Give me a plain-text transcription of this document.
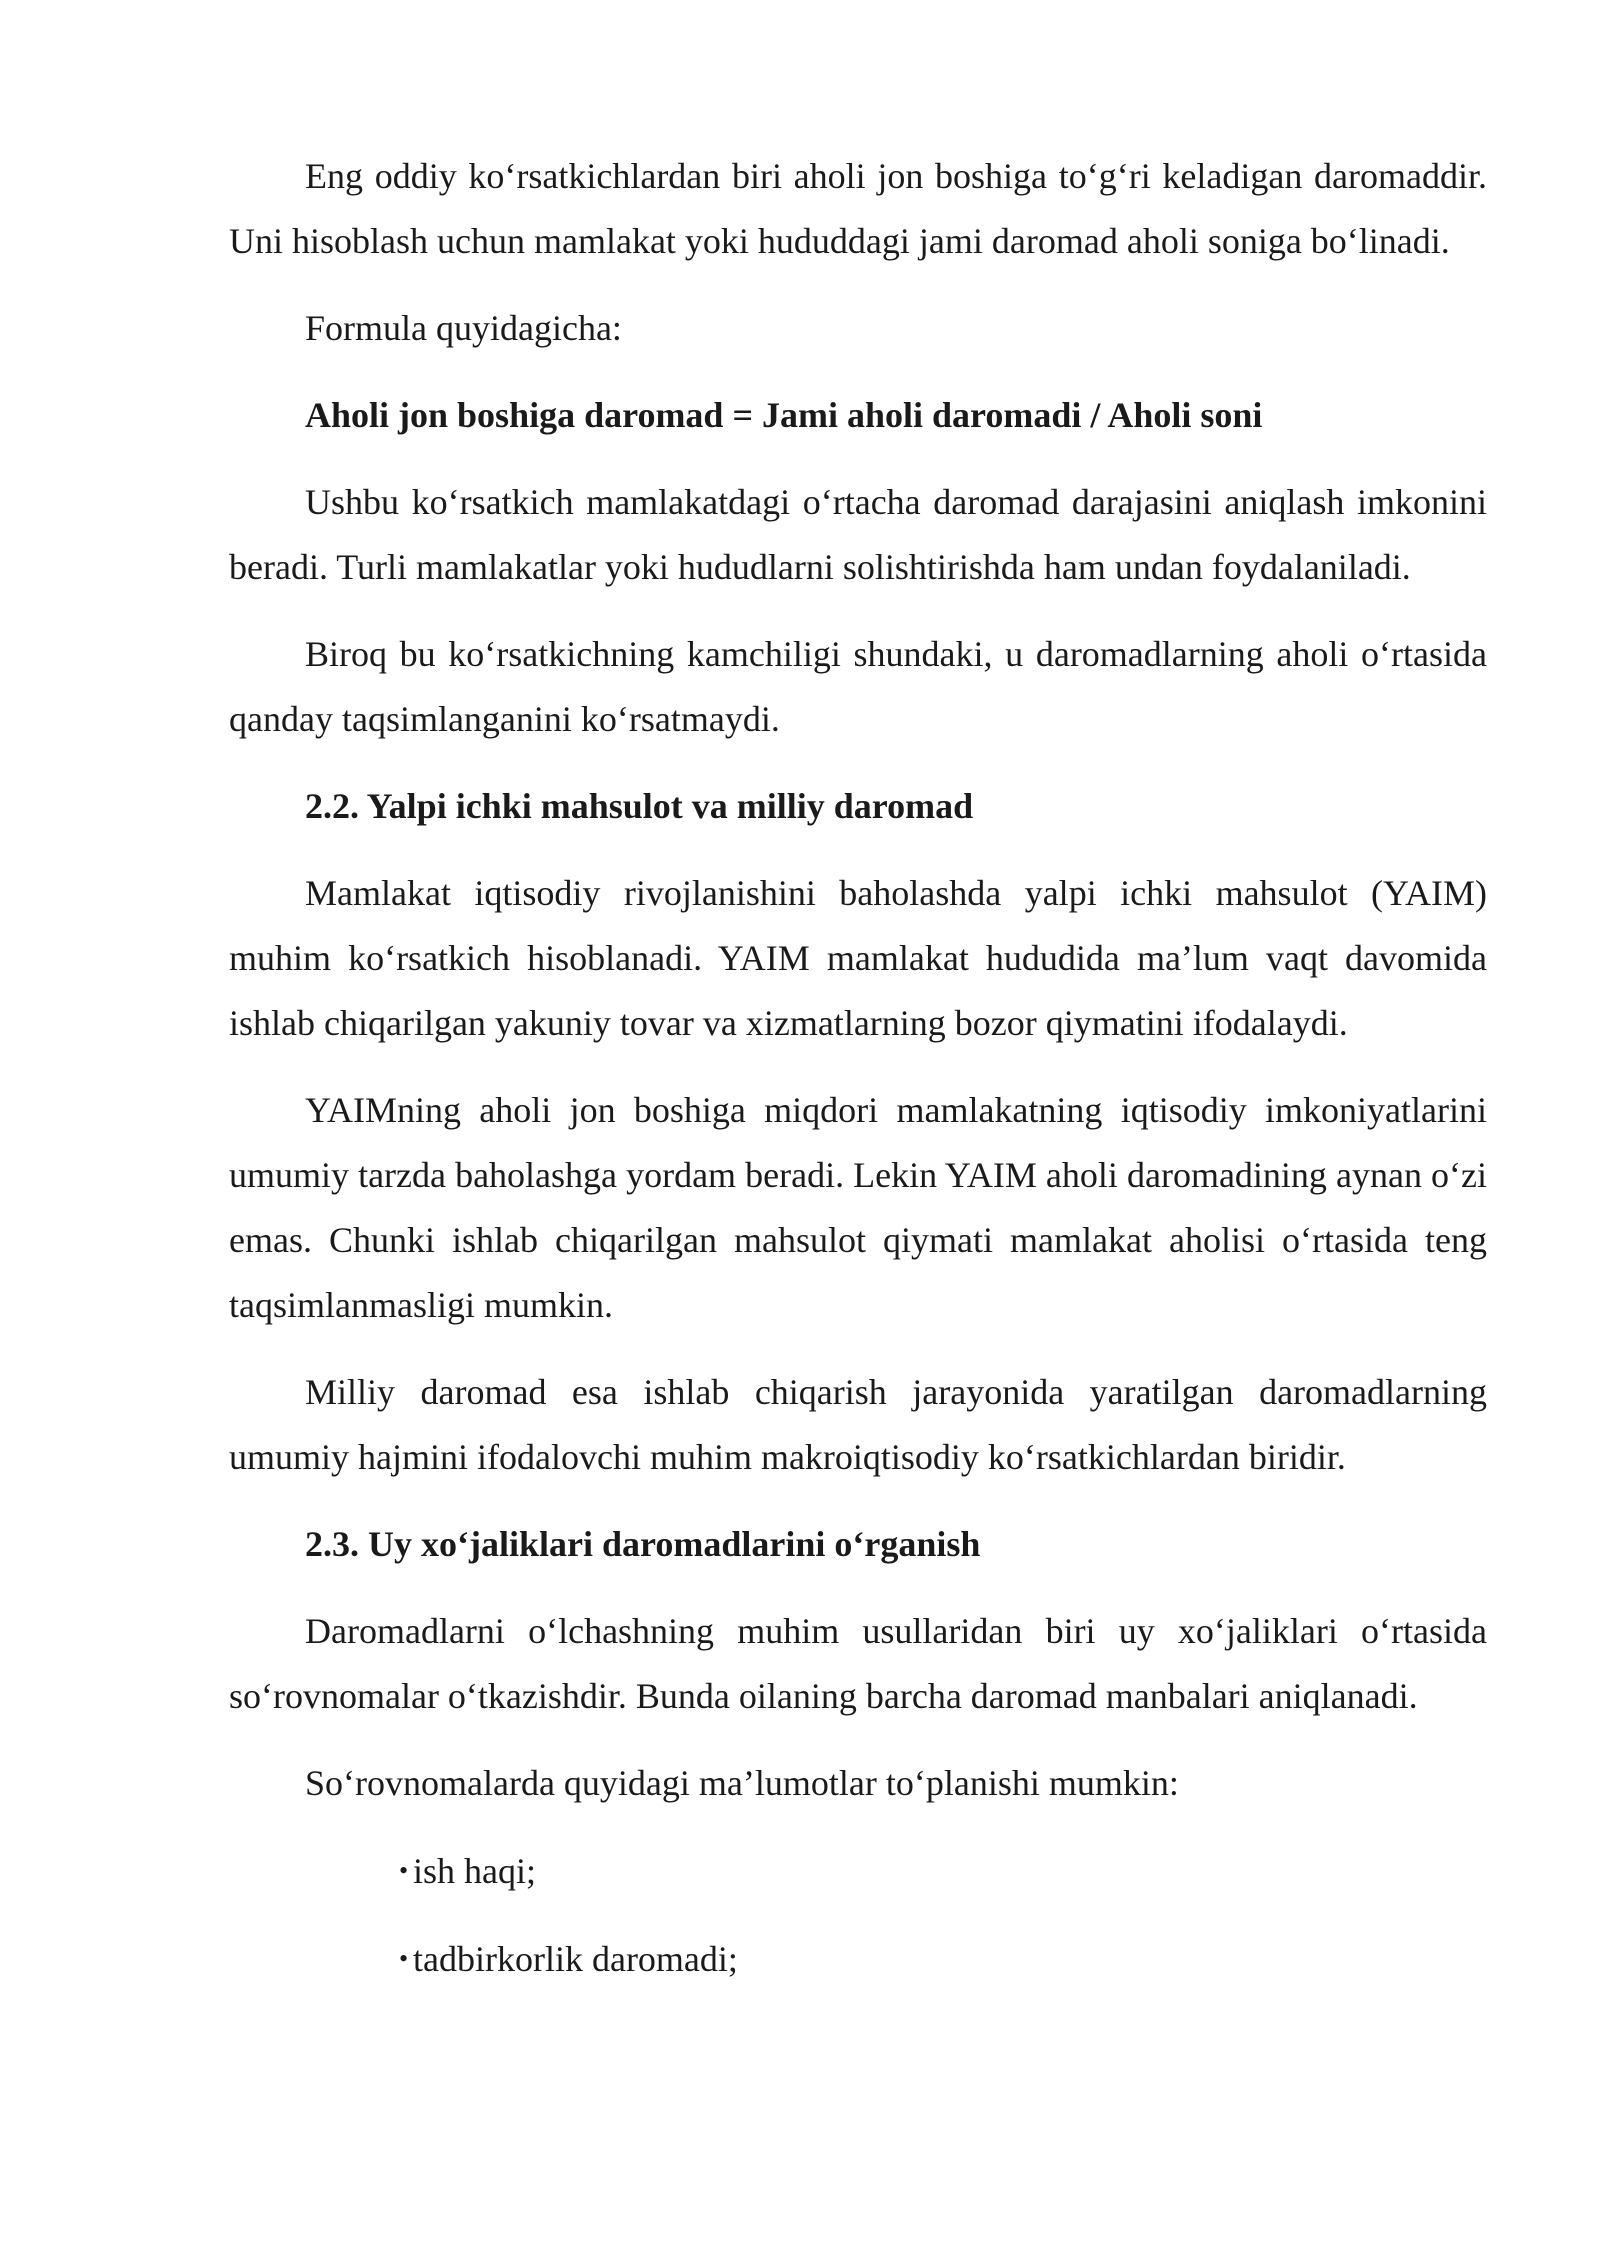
Eng oddiy ko‘rsatkichlardan biri aholi jon boshiga to‘g‘ri keladigan daromaddir. Uni hisoblash uchun mamlakat yoki hududdagi jami daromad aholi soniga bo‘linadi.

Formula quyidagicha:

Aholi jon boshiga daromad = Jami aholi daromadi / Aholi soni

Ushbu ko‘rsatkich mamlakatdagi o‘rtacha daromad darajasini aniqlash imkonini beradi. Turli mamlakatlar yoki hududlarni solishtirishda ham undan foydalaniladi.

Biroq bu ko‘rsatkichning kamchiligi shundaki, u daromadlarning aholi o‘rtasida qanday taqsimlanganini ko‘rsatmaydi.

2.2. Yalpi ichki mahsulot va milliy daromad

Mamlakat iqtisodiy rivojlanishini baholashda yalpi ichki mahsulot (YAIM) muhim ko‘rsatkich hisoblanadi. YAIM mamlakat hududida ma’lum vaqt davomida ishlab chiqarilgan yakuniy tovar va xizmatlarning bozor qiymatini ifodalaydi.

YAIMning aholi jon boshiga miqdori mamlakatning iqtisodiy imkoniyatlarini umumiy tarzda baholashga yordam beradi. Lekin YAIM aholi daromadining aynan o‘zi emas. Chunki ishlab chiqarilgan mahsulot qiymati mamlakat aholisi o‘rtasida teng taqsimlanmasligi mumkin.

Milliy daromad esa ishlab chiqarish jarayonida yaratilgan daromadlarning umumiy hajmini ifodalovchi muhim makroiqtisodiy ko‘rsatkichlardan biridir.

2.3. Uy xo‘jaliklari daromadlarini o‘rganish

Daromadlarni o‘lchashning muhim usullaridan biri uy xo‘jaliklari o‘rtasida so‘rovnomalar o‘tkazishdir. Bunda oilaning barcha daromad manbalari aniqlanadi.

So‘rovnomalarda quyidagi ma’lumotlar to‘planishi mumkin:

• ish haqi;
• tadbirkorlik daromadi;
